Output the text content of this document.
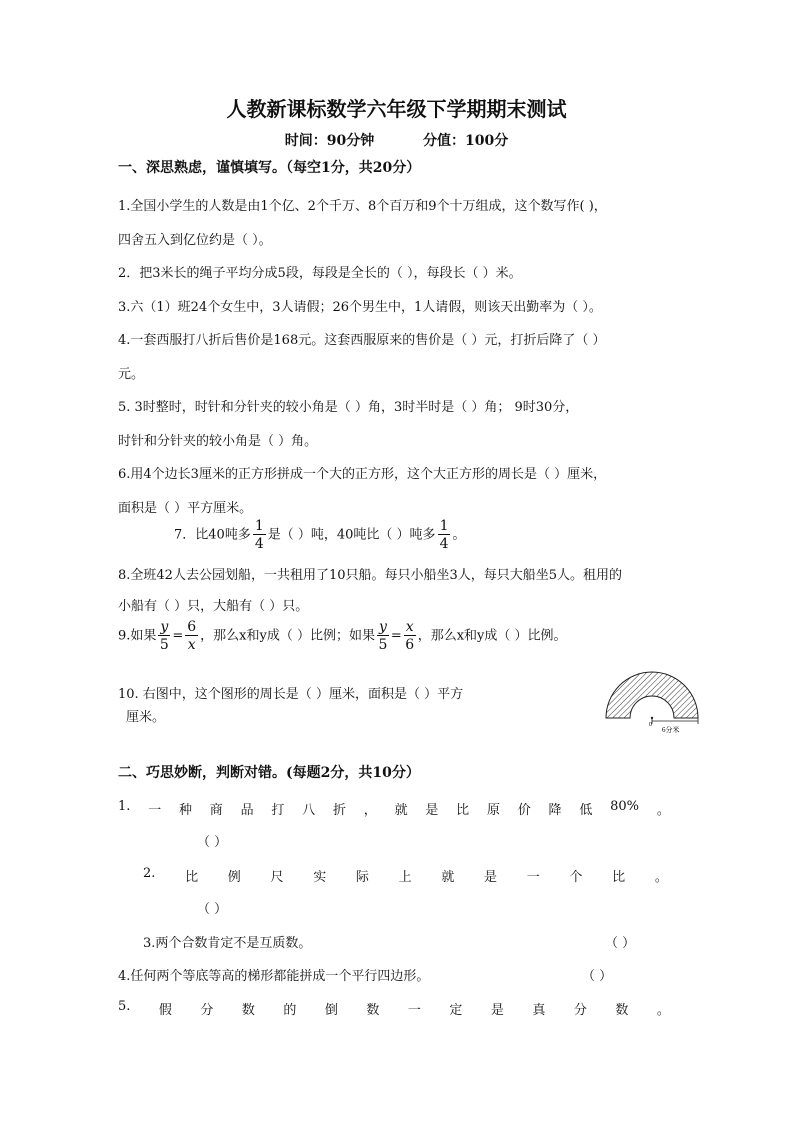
人教新课标数学六年级下学期期末测试
时间：90分钟          分值：100分
一、深思熟虑，谨慎填写。（每空1分，共20分）
1.全国小学生的人数是由1个亿、2个千万、8个百万和9个十万组成，这个数写作( )，
四舍五入到亿位约是（ ）。
2．把3米长的绳子平均分成5段，每段是全长的（ ），每段长（ ）米。
3.六（1）班24个女生中，3人请假；26个男生中，1人请假，则该天出勤率为（ ）。
4.一套西服打八折后售价是168元。这套西服原来的售价是（ ）元，打折后降了（ ）
元。
5. 3时整时，时针和分针夹的较小角是（ ）角，3时半时是（ ）角； 9时30分，
时针和分针夹的较小角是（ ）角。
6.用4个边长3厘米的正方形拼成一个大的正方形，这个大正方形的周长是（ ）厘米，
面积是（ ）平方厘米。
7．比40吨多 $\frac{1}{4}$ 是（ ）吨，40吨比（ ）吨多 $\frac{1}{4}$ 。
8.全班42人去公园划船，一共租用了10只船。每只小船坐3人，每只大船坐5人。租用的
小船有（ ）只，大船有（ ）只。
9.如果 $\frac{y}{5} = \frac{6}{x}$ ，那么x和y成（ ）比例；如果 $\frac{y}{5} = \frac{x}{6}$ ，那么x和y成（ ）比例。
10. 右图中，这个图形的周长是（ ）厘米，面积是（ ）平方
厘米。	0
6分米
二、巧思妙断，判断对错。(每题2分，共10分）
1. 一 种 商 品 打 八 折 ， 就 是 比 原 价 降 低 80% 。
（ ）
2. 比 例 尺 实 际 上 就 是 一 个 比 。
（ ）
3.两个合数肯定不是互质数。	（ ）
4.任何两个等底等高的梯形都能拼成一个平行四边形。	（ ）
5. 假 分 数 的 倒 数 一 定 是 真 分 数 。
